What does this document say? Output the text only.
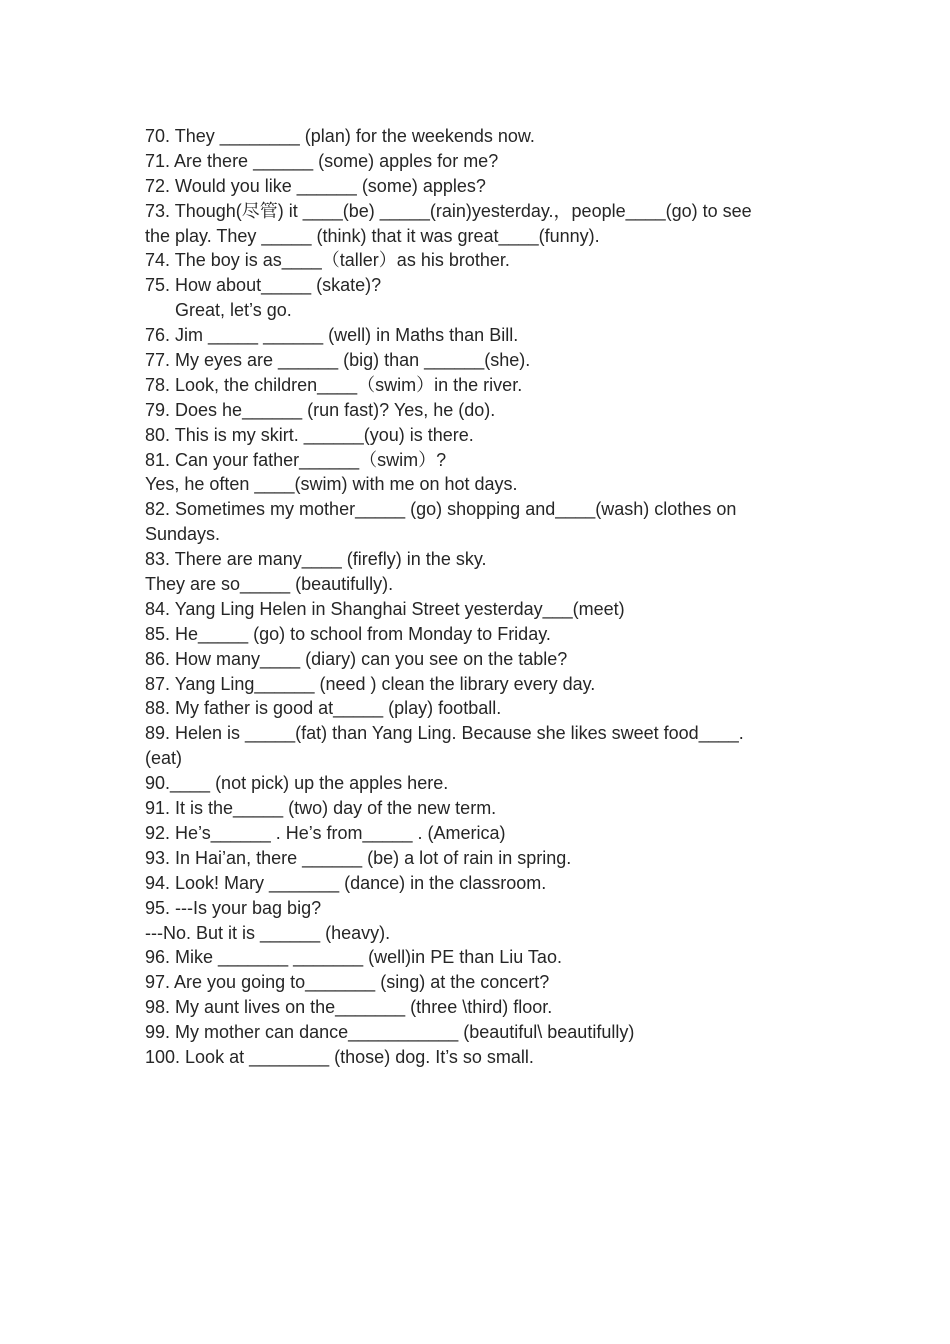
70. They ________ (plan) for the weekends now.
71. Are there ______ (some) apples for me?
72. Would you like ______ (some) apples?
73. Though(尽管) it ____(be) _____(rain)yesterday.，people____(go) to see
the play. They _____ (think) that it was great____(funny).
74. The boy is as____（taller）as his brother.
75. How about_____ (skate)?
Great, let’s go.
76. Jim _____ ______ (well) in Maths than Bill.
77. My eyes are ______ (big) than ______(she).
78. Look, the children____（swim）in the river.
79. Does he______ (run fast)? Yes, he (do).
80. This is my skirt. ______(you) is there.
81. Can your father______（swim）?
Yes, he often ____(swim) with me on hot days.
82. Sometimes my mother_____ (go) shopping and____(wash) clothes on
Sundays.
83. There are many____ (firefly) in the sky.
They are so_____ (beautifully).
84. Yang Ling Helen in Shanghai Street yesterday___(meet)
85. He_____ (go) to school from Monday to Friday.
86. How many____ (diary) can you see on the table?
87. Yang Ling______ (need ) clean the library every day.
88. My father is good at_____ (play) football.
89. Helen is _____(fat) than Yang Ling. Because she likes sweet food____.
(eat)
90.____ (not pick) up the apples here.
91. It is the_____ (two) day of the new term.
92. He’s______ . He’s from_____ . (America)
93. In Hai’an, there ______ (be) a lot of rain in spring.
94. Look! Mary _______ (dance) in the classroom.
95. ---Is your bag big?
---No. But it is ______ (heavy).
96. Mike _______ _______ (well)in PE than Liu Tao.
97. Are you going to_______ (sing) at the concert?
98. My aunt lives on the_______ (three \third) floor.
99. My mother can dance___________ (beautiful\ beautifully)
100. Look at ________ (those) dog. It’s so small.
